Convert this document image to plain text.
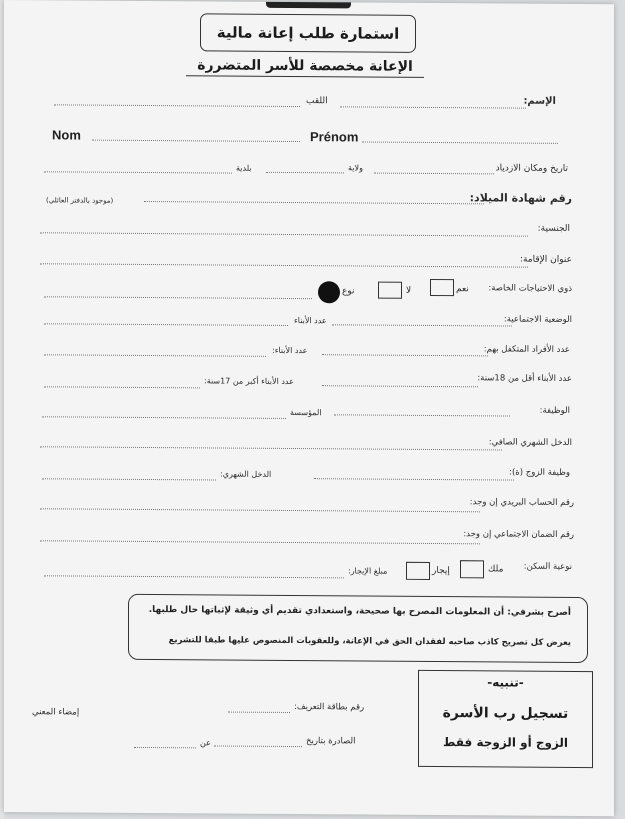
استمارة طلب إعانة مالية
الإعانة مخصصة للأسر المتضررة
الإسم:
اللقب
Nom	Prénom
تاريخ ومكان الازدياد
ولاية
بلدية
رقم شهادة الميلاد:
(موجود بالدفتر العائلي)
الجنسية:
عنوان الإقامة:
ذوي الاحتياجات الخاصة:
نعم
لا
نوع
الوضعية الاجتماعية:
عدد الأبناء
عدد الأفراد المتكفل بهم:
عدد الأبناء:
عدد الأبناء أقل من 18سنة:
عدد الأبناء أكبر من 17سنة:
الوظيفة:
المؤسسة
الدخل الشهري الصافي:
وظيفة الزوج (ة):
الدخل الشهري:
رقم الحساب البريدي إن وجد:
رقم الضمان الاجتماعي إن وجد:
نوعية السكن:
ملك
إيجار
مبلغ الإيجار:
أصرح بشرفي: أن المعلومات المصرح بها صحيحة، واستعدادي تقديم أي وثيقة لإثباتها حال طلبها.
يعرض كل تصريح كاذب صاحبه لفقدان الحق في الإعانة، وللعقوبات المنصوص عليها طبقا للتشريع
رقم بطاقة التعريف:
الصادرة بتاريخ
عن
إمضاء المعني
-تنبيه-
تسجيل رب الأسرة
الزوج أو الزوجة فقط
